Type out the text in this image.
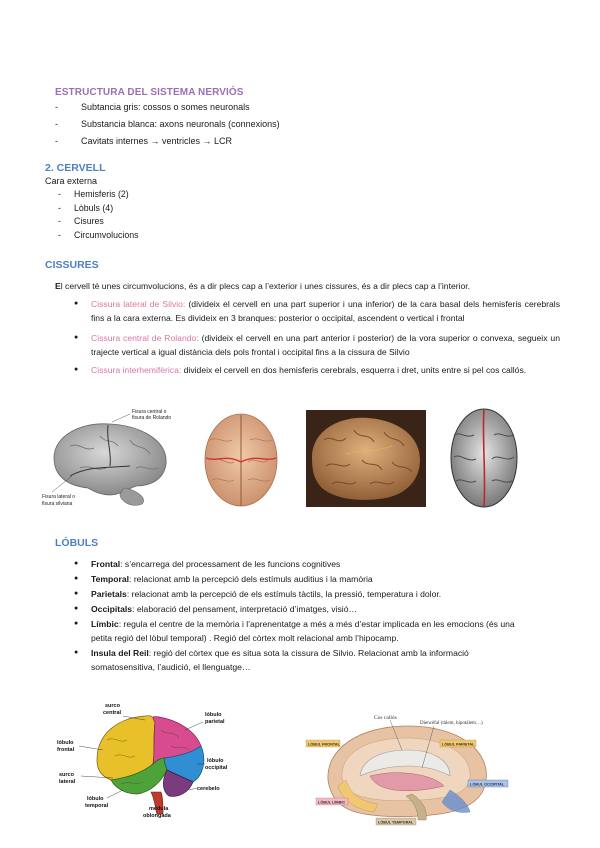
ESTRUCTURA DEL SISTEMA NERVIÓS
- Subtancia gris: cossos o somes neuronals
- Substancia blanca: axons neuronals (connexions)
- Cavitats internes → ventricles → LCR
2. CERVELL
Cara externa
- Hemisferis (2)
- Lòbuls (4)
- Cisures
- Circumvolucions
CISSURES
El cervell té unes circumvolucions, és a dir plecs cap a l’exterior i unes cissures, és a dir plecs cap a l’interior.
● Cissura lateral de Silvio: (divideix el cervell en una part superior i una inferior) de la cara basal dels hemisferis cerebrals fins a la cara externa. Es divideix en 3 branques: posterior o occipital, ascendent o vertical i frontal
● Cissura central de Rolando: (divideix el cervell en una part anterior i posterior) de la vora superior o convexa, segueix un trajecte vertical a igual distància dels pols frontal i occipital fins a la cissura de Silvio
● Cissura interhemifèrica: divideix el cervell en dos hemisferis cerebrals, esquerra i dret, units entre si pel cos callós.
Fisura central o
fisura de Rolando
Fisura lateral o
fisura silviana
LÓBULS
● Frontal: s’encarrega del processament de les funcions cognitives
● Temporal: relacionat amb la percepció dels estímuls auditius i la mamòria
● Parietals: relacionat amb la percepció de els estímuls tàctils, la pressió, temperatura i dolor.
● Occipitals: elaboració del pensament, interpretació d’imatges, visió…
● Límbic: regula el centre de la memòria i l’aprenentatge a més a més d’estar implicada en les emocions (és una
petita regió del lòbul temporal) . Regió del còrtex molt relacional amb l’hipocamp.
● Insula del Reil: regió del còrtex que es situa sota la cissura de Silvio. Relacionat amb la informació
somatosensitiva, l’audició, el llenguatge…
surco
central	lóbulo
parietal
lóbulo
frontal
lóbulo
occipital
surco
lateral
lóbulo
temporal
cerebelo
médula
oblongada
Cos callós
Diencèfal (tàlem, hipotàlem…)
LÒBUL FRONTAL	LÒBUL PARIETAL
LÒBUL OCCIPITAL
LÒBUL LÍMBIC
LÒBUL TEMPORAL
